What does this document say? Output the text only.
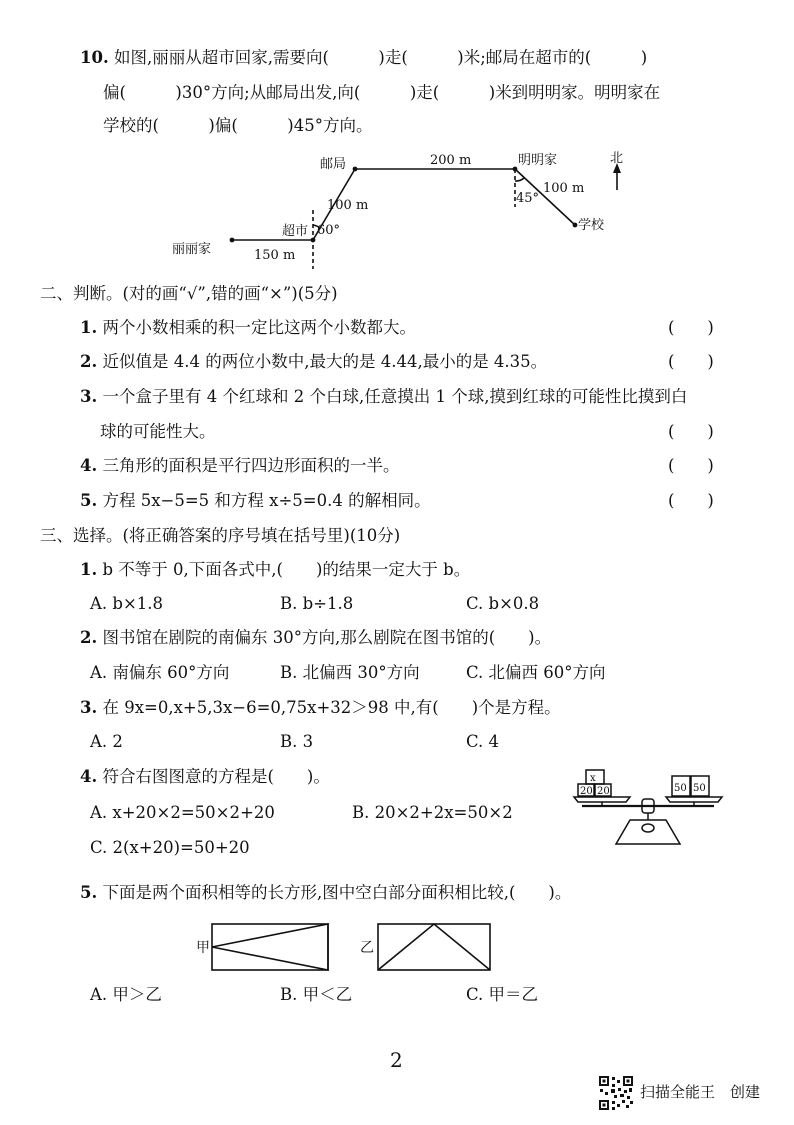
10. 如图,丽丽从超市回家,需要向(　　　)走(　　　)米;邮局在超市的(　　　)
偏(　　　)30°方向;从邮局出发,向(　　　)走(　　　)米到明明家。明明家在
学校的(　　　)偏(　　　)45°方向。
邮局	200 m	明明家	北
100 m
45°
学校
100 m
超市 60°
丽丽家	150 m
二、判断。(对的画“√”,错的画“×”)(5分)
1. 两个小数相乘的积一定比这两个小数都大。	(　　)
2. 近似值是 4.4 的两位小数中,最大的是 4.44,最小的是 4.35。	(　　)
3. 一个盒子里有 4 个红球和 2 个白球,任意摸出 1 个球,摸到红球的可能性比摸到白
球的可能性大。	(　　)
4. 三角形的面积是平行四边形面积的一半。	(　　)
5. 方程 5x−5=5 和方程 x÷5=0.4 的解相同。	(　　)
三、选择。(将正确答案的序号填在括号里)(10分)
1. b 不等于 0,下面各式中,(　　)的结果一定大于 b。
A. b×1.8	B. b÷1.8	C. b×0.8
2. 图书馆在剧院的南偏东 30°方向,那么剧院在图书馆的(　　)。
A. 南偏东 60°方向	B. 北偏西 30°方向	C. 北偏西 60°方向
3. 在 9x=0,x+5,3x−6=0,75x+32＞98 中,有(　　)个是方程。
A. 2	B. 3	C. 4
4. 符合右图图意的方程是(　　)。
A. x+20×2=50×2+20	B. 20×2+2x=50×2
C. 2(x+20)=50+20
x
20 20	50 50
5. 下面是两个面积相等的长方形,图中空白部分面积相比较,(　　)。
甲	乙
A. 甲＞乙	B. 甲＜乙	C. 甲＝乙
2
扫描全能王　创建
